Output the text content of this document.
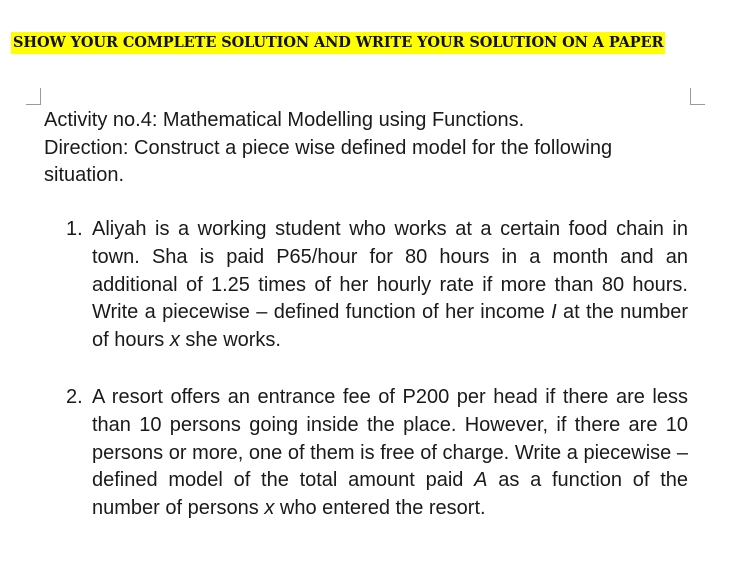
SHOW YOUR COMPLETE SOLUTION AND WRITE YOUR SOLUTION ON A PAPER
Activity no.4: Mathematical Modelling using Functions.
Direction: Construct a piece wise defined model for the following
situation.
1. Aliyah is a working student who works at a certain food chain in town. Sha is paid P65/hour for 80 hours in a month and an additional of 1.25 times of her hourly rate if more than 80 hours. Write a piecewise – defined function of her income I at the number of hours x she works.
2. A resort offers an entrance fee of P200 per head if there are less than 10 persons going inside the place. However, if there are 10 persons or more, one of them is free of charge. Write a piecewise – defined model of the total amount paid A as a function of the number of persons x who entered the resort.
